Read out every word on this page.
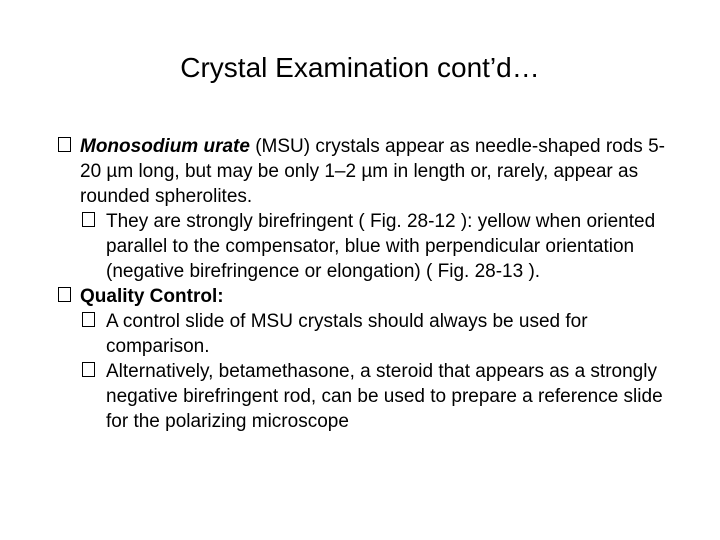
Crystal Examination cont’d…
Monosodium urate (MSU) crystals appear as needle-shaped rods 5-20 µm long, but may be only 1–2 µm in length or, rarely, appear as rounded spherolites.
They are strongly birefringent ( Fig. 28-12 ): yellow when oriented parallel to the compensator, blue with perpendicular orientation (negative birefringence or elongation) ( Fig. 28-13 ).
Quality Control:
A control slide of MSU crystals should always be used for comparison.
Alternatively, betamethasone, a steroid that appears as a strongly negative birefringent rod, can be used to prepare a reference slide for the polarizing microscope
